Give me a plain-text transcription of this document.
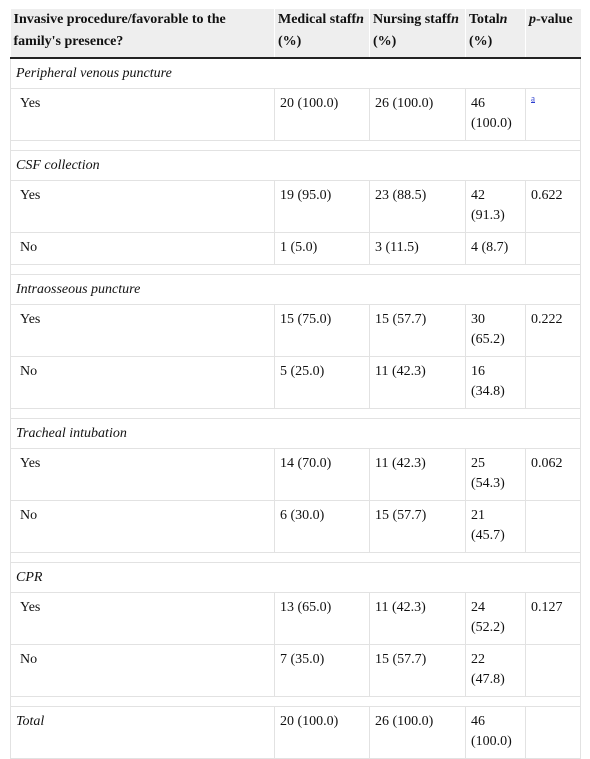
Invasive procedure/favorable to the family's presence?	Medical staffn (%)	Nursing staffn (%)	Totaln (%)	p-value
Peripheral venous puncture				
Yes	20 (100.0)	26 (100.0)	46 (100.0)	$^a$

CSF collection				
Yes	19 (95.0)	23 (88.5)	42 (91.3)	0.622
No	1 (5.0)	3 (11.5)	4 (8.7)	

Intraosseous puncture				
Yes	15 (75.0)	15 (57.7)	30 (65.2)	0.222
No	5 (25.0)	11 (42.3)	16 (34.8)	

Tracheal intubation				
Yes	14 (70.0)	11 (42.3)	25 (54.3)	0.062
No	6 (30.0)	15 (57.7)	21 (45.7)	

CPR				
Yes	13 (65.0)	11 (42.3)	24 (52.2)	0.127
No	7 (35.0)	15 (57.7)	22 (47.8)	

Total	20 (100.0)	26 (100.0)	46 (100.0)	
